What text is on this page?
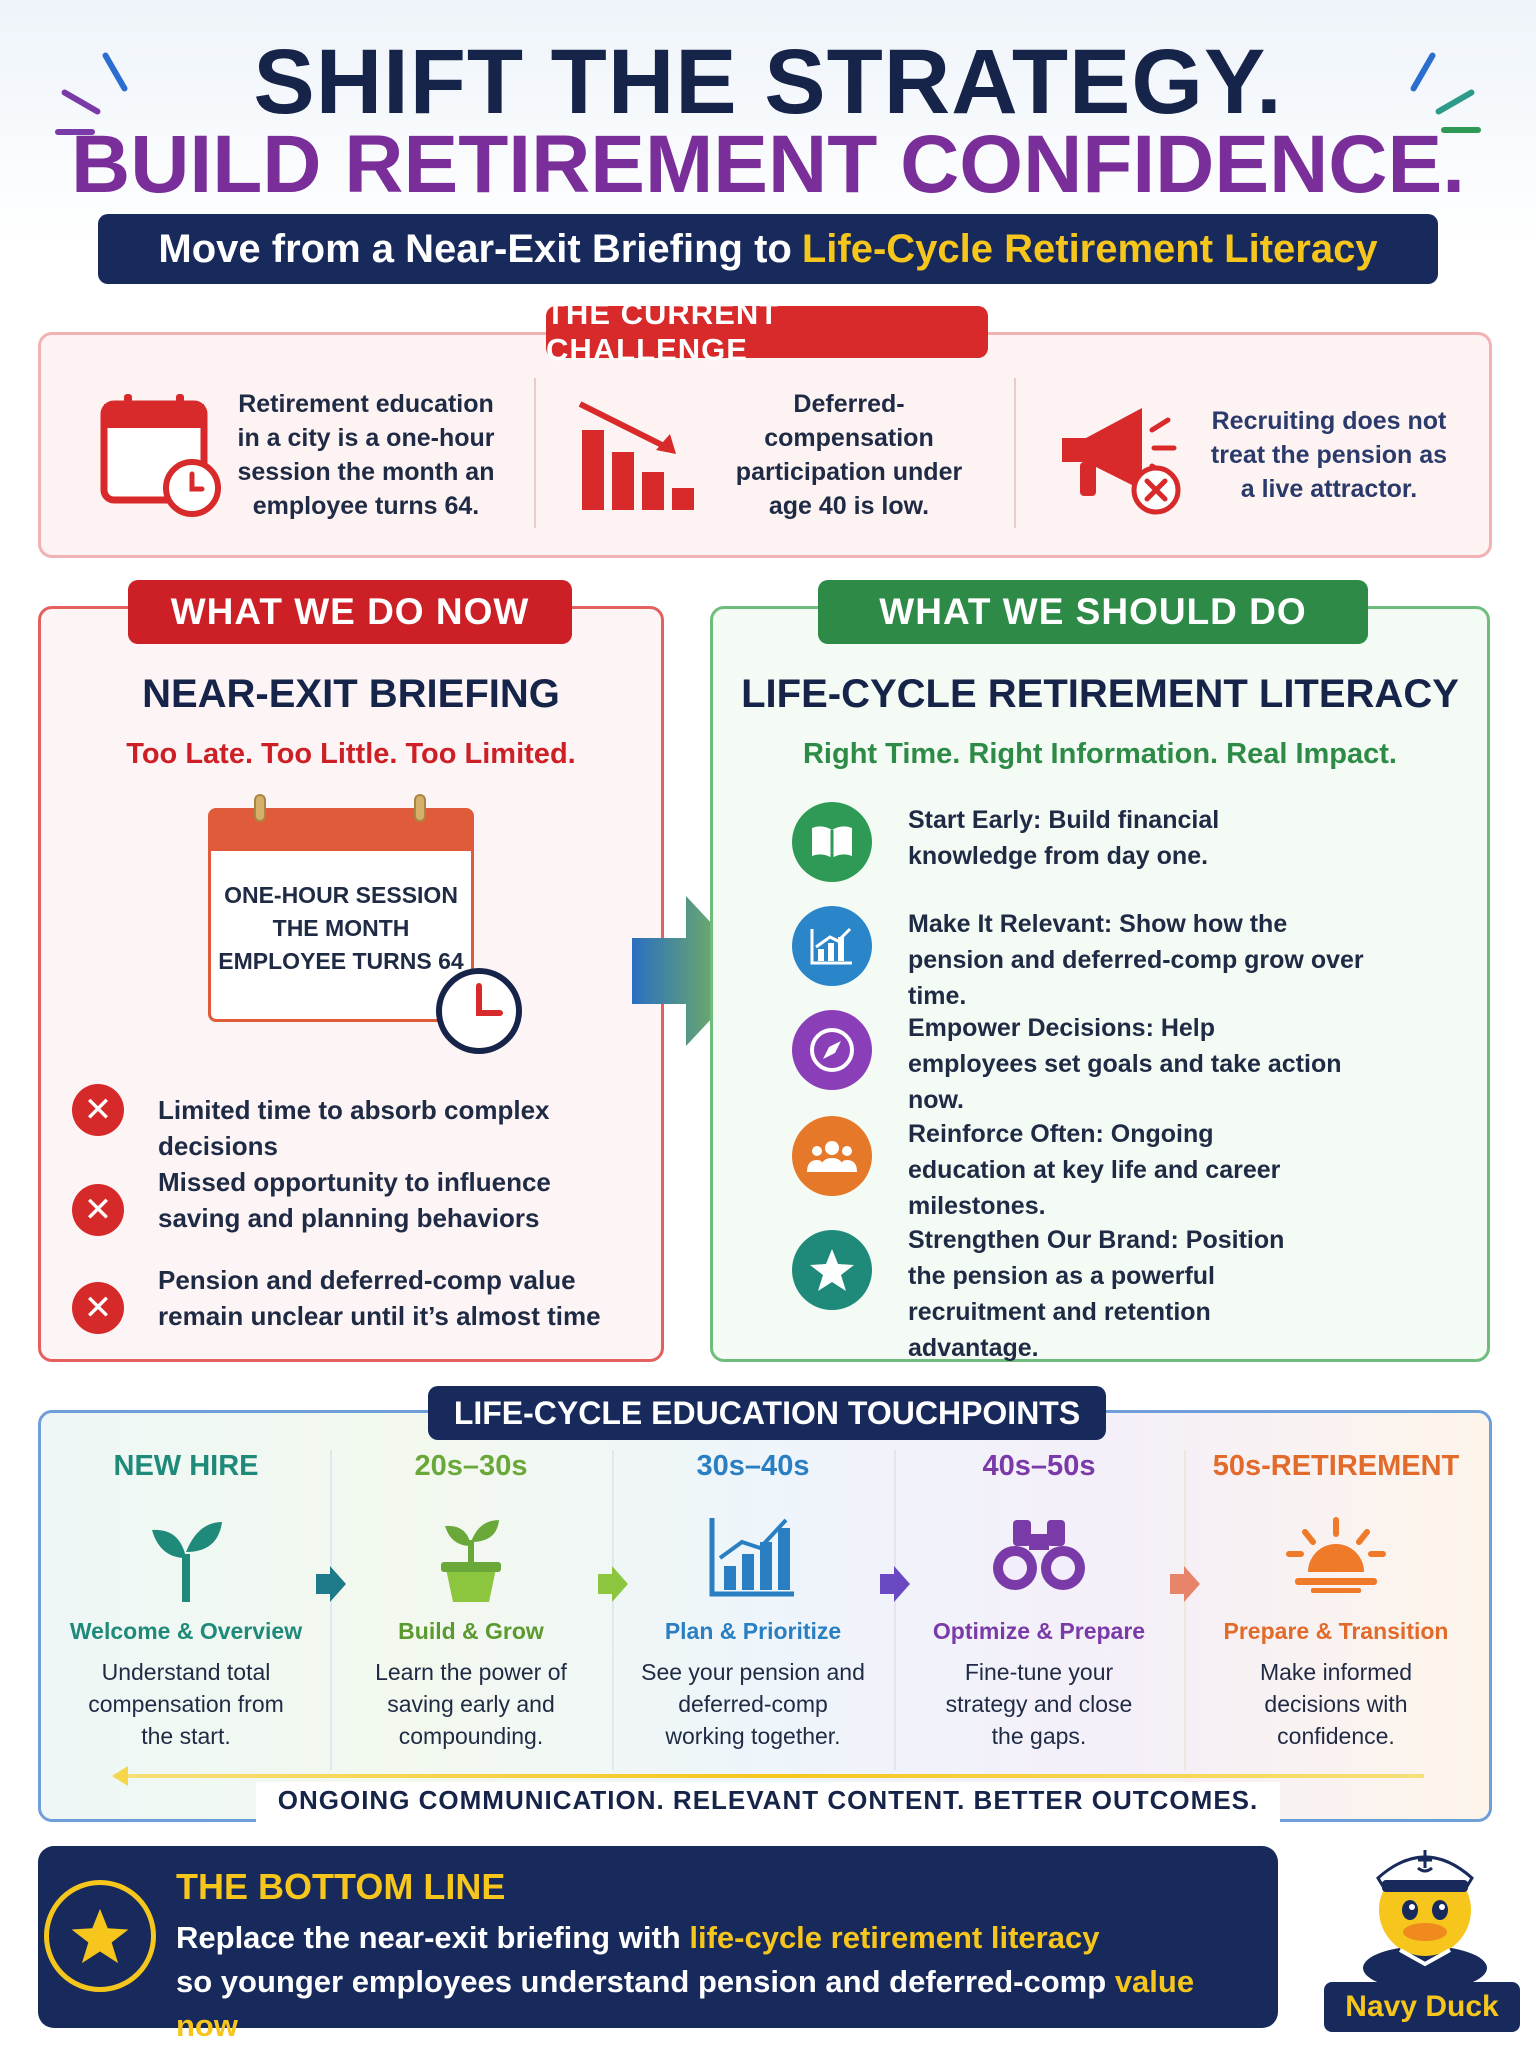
SHIFT THE STRATEGY.
BUILD RETIREMENT CONFIDENCE.
Move from a Near-Exit Briefing to Life-Cycle Retirement Literacy
THE CURRENT CHALLENGE
Retirement education in a city is a one-hour session the month an employee turns 64.
Deferred-compensation participation under age 40 is low.
Recruiting does not treat the pension as a live attractor.
WHAT WE DO NOW
NEAR-EXIT BRIEFING
Too Late. Too Little. Too Limited.
ONE-HOUR SESSION THE MONTH EMPLOYEE TURNS 64
✕	Limited time to absorb complex decisions
✕
Missed opportunity to influence saving and planning behaviors
✕
Pension and deferred-comp value remain unclear until it’s almost time
WHAT WE SHOULD DO
LIFE-CYCLE RETIREMENT LITERACY
Right Time. Right Information. Real Impact.
Start Early: Build financial knowledge from day one.
Make It Relevant: Show how the pension and deferred-comp grow over time.
Empower Decisions: Help employees set goals and take action now.
Reinforce Often: Ongoing education at key life and career milestones.
Strengthen Our Brand: Position the pension as a powerful recruitment and retention advantage.
LIFE-CYCLE EDUCATION TOUCHPOINTS
NEW HIRE
Welcome & Overview
Understand total compensation from the start.
20s–30s
Build & Grow
Learn the power of saving early and compounding.
30s–40s
Plan & Prioritize
See your pension and deferred-comp working together.
40s–50s
Optimize & Prepare
Fine-tune your strategy and close the gaps.
50s-RETIREMENT
Prepare & Transition
Make informed decisions with confidence.
ONGOING COMMUNICATION. RELEVANT CONTENT. BETTER OUTCOMES.
THE BOTTOM LINE
Replace the near-exit briefing with life-cycle retirement literacy
so younger employees understand pension and deferred-comp value now.
Navy Duck
